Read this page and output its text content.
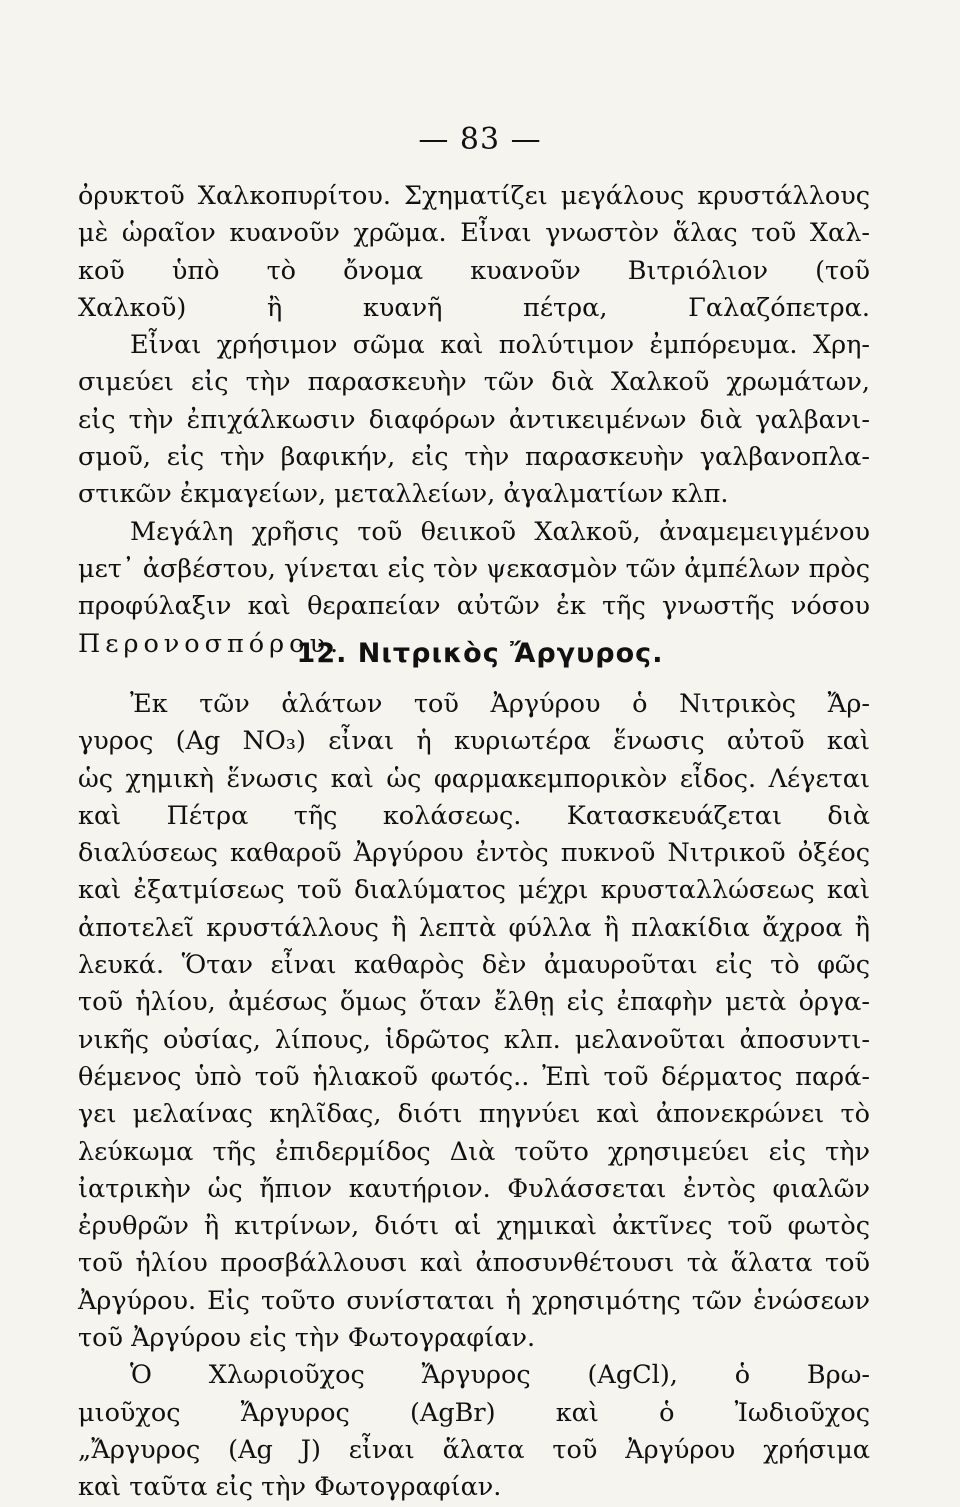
— 83 —
ὀρυκτοῦ Χαλκοπυρίτου. Σχηματίζει μεγάλους κρυστάλλους
μὲ ὡραῖον κυανοῦν χρῶμα. Εἶναι γνωστὸν ἅλας τοῦ Χαλ-
κοῦ ὑπὸ τὸ ὄνομα κυανοῦν Βιτριόλιον (τοῦ
Χαλκοῦ) ἢ κυανῆ πέτρα, Γαλαζόπετρα.
Εἶναι χρήσιμον σῶμα καὶ πολύτιμον ἐμπόρευμα. Χρη-
σιμεύει εἰς τὴν παρασκευὴν τῶν διὰ Χαλκοῦ χρωμάτων,
εἰς τὴν ἐπιχάλκωσιν διαφόρων ἀντικειμένων διὰ γαλβανι-
σμοῦ, εἰς τὴν βαφικήν, εἰς τὴν παρασκευὴν γαλβανοπλα-
στικῶν ἐκμαγείων, μεταλλείων, ἀγαλματίων κλπ.
Μεγάλη χρῆσις τοῦ θειικοῦ Χαλκοῦ, ἀναμεμειγμένου
μετ᾽ ἀσβέστου, γίνεται εἰς τὸν ψεκασμὸν τῶν ἀμπέλων πρὸς
προφύλαξιν καὶ θεραπείαν αὐτῶν ἐκ τῆς γνωστῆς νόσου
Περονοσπόρου.
12. Νιτρικὸς Ἄργυρος.
Ἐκ τῶν ἁλάτων τοῦ Ἀργύρου ὁ Νιτρικὸς Ἄρ-
γυρος (Ag NO₃) εἶναι ἡ κυριωτέρα ἕνωσις αὐτοῦ καὶ
ὡς χημικὴ ἕνωσις καὶ ὡς φαρμακεμπορικὸν εἶδος. Λέγεται
καὶ Πέτρα τῆς κολάσεως. Κατασκευάζεται διὰ
διαλύσεως καθαροῦ Ἀργύρου ἐντὸς πυκνοῦ Νιτρικοῦ ὀξέος
καὶ ἐξατμίσεως τοῦ διαλύματος μέχρι κρυσταλλώσεως καὶ
ἀποτελεῖ κρυστάλλους ἢ λεπτὰ φύλλα ἢ πλακίδια ἄχροα ἢ
λευκά. Ὅταν εἶναι καθαρὸς δὲν ἀμαυροῦται εἰς τὸ φῶς
τοῦ ἡλίου, ἀμέσως ὅμως ὅταν ἔλθῃ εἰς ἐπαφὴν μετὰ ὀργα-
νικῆς οὐσίας, λίπους, ἱδρῶτος κλπ. μελανοῦται ἀποσυντι-
θέμενος ὑπὸ τοῦ ἡλιακοῦ φωτός.. Ἐπὶ τοῦ δέρματος παρά-
γει μελαίνας κηλῖδας, διότι πηγνύει καὶ ἀπονεκρώνει τὸ
λεύκωμα τῆς ἐπιδερμίδος Διὰ τοῦτο χρησιμεύει εἰς τὴν
ἰατρικὴν ὡς ἤπιον καυτήριον. Φυλάσσεται ἐντὸς φιαλῶν
ἐρυθρῶν ἢ κιτρίνων, διότι αἱ χημικαὶ ἀκτῖνες τοῦ φωτὸς
τοῦ ἡλίου προσβάλλουσι καὶ ἀποσυνθέτουσι τὰ ἅλατα τοῦ
Ἀργύρου. Εἰς τοῦτο συνίσταται ἡ χρησιμότης τῶν ἑνώσεων
τοῦ Ἀργύρου εἰς τὴν Φωτογραφίαν.
Ὁ Χλωριοῦχος Ἄργυρος (AgCl), ὁ Βρω-
μιοῦχος Ἄργυρος (AgBr) καὶ ὁ Ἰωδιοῦχος
„Ἄργυρος (Ag J) εἶναι ἅλατα τοῦ Ἀργύρου χρήσιμα
καὶ ταῦτα εἰς τὴν Φωτογραφίαν.
